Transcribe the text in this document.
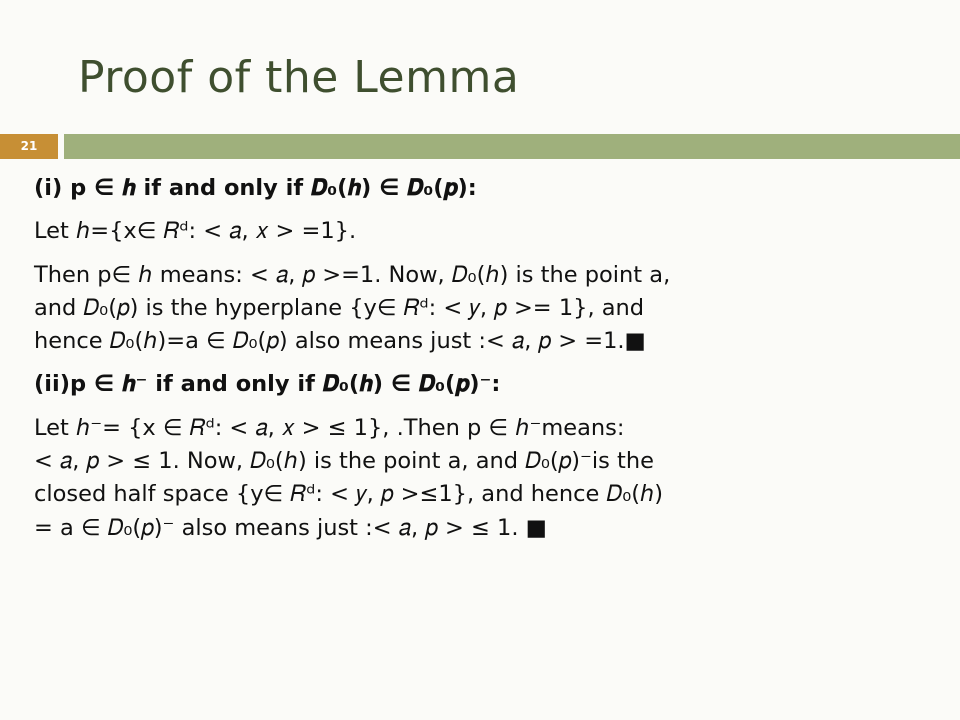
Proof of the Lemma
21
(i) p ∈ 𝒉 if and only if 𝑫₀(𝒉) ∈ 𝑫₀(𝒑):
Let ℎ={x∈ 𝑅ᵈ: < 𝑎, 𝑥 > =1}.
Then p∈ ℎ means: < 𝑎, 𝑝 >=1. Now, 𝐷₀(ℎ) is the point a,
and 𝐷₀(𝑝) is the hyperplane {y∈ 𝑅ᵈ: < 𝑦, 𝑝 >= 1}, and
hence 𝐷₀(ℎ)=a ∈ 𝐷₀(𝑝) also means just :< 𝑎, 𝑝 > =1.■
(ii)p ∈ 𝒉⁻ if and only if 𝑫₀(𝒉) ∈ 𝑫₀(𝒑)⁻:
Let ℎ⁻= {x ∈ 𝑅ᵈ: < 𝑎, 𝑥 > ≤ 1}, .Then p ∈ ℎ⁻means:
< 𝑎, 𝑝 > ≤ 1. Now, 𝐷₀(ℎ) is the point a, and 𝐷₀(𝑝)⁻is the
closed half space {y∈ 𝑅ᵈ: < 𝑦, 𝑝 >≤1}, and hence 𝐷₀(ℎ)
= a ∈ 𝐷₀(𝑝)⁻ also means just :< 𝑎, 𝑝 > ≤ 1. ■
